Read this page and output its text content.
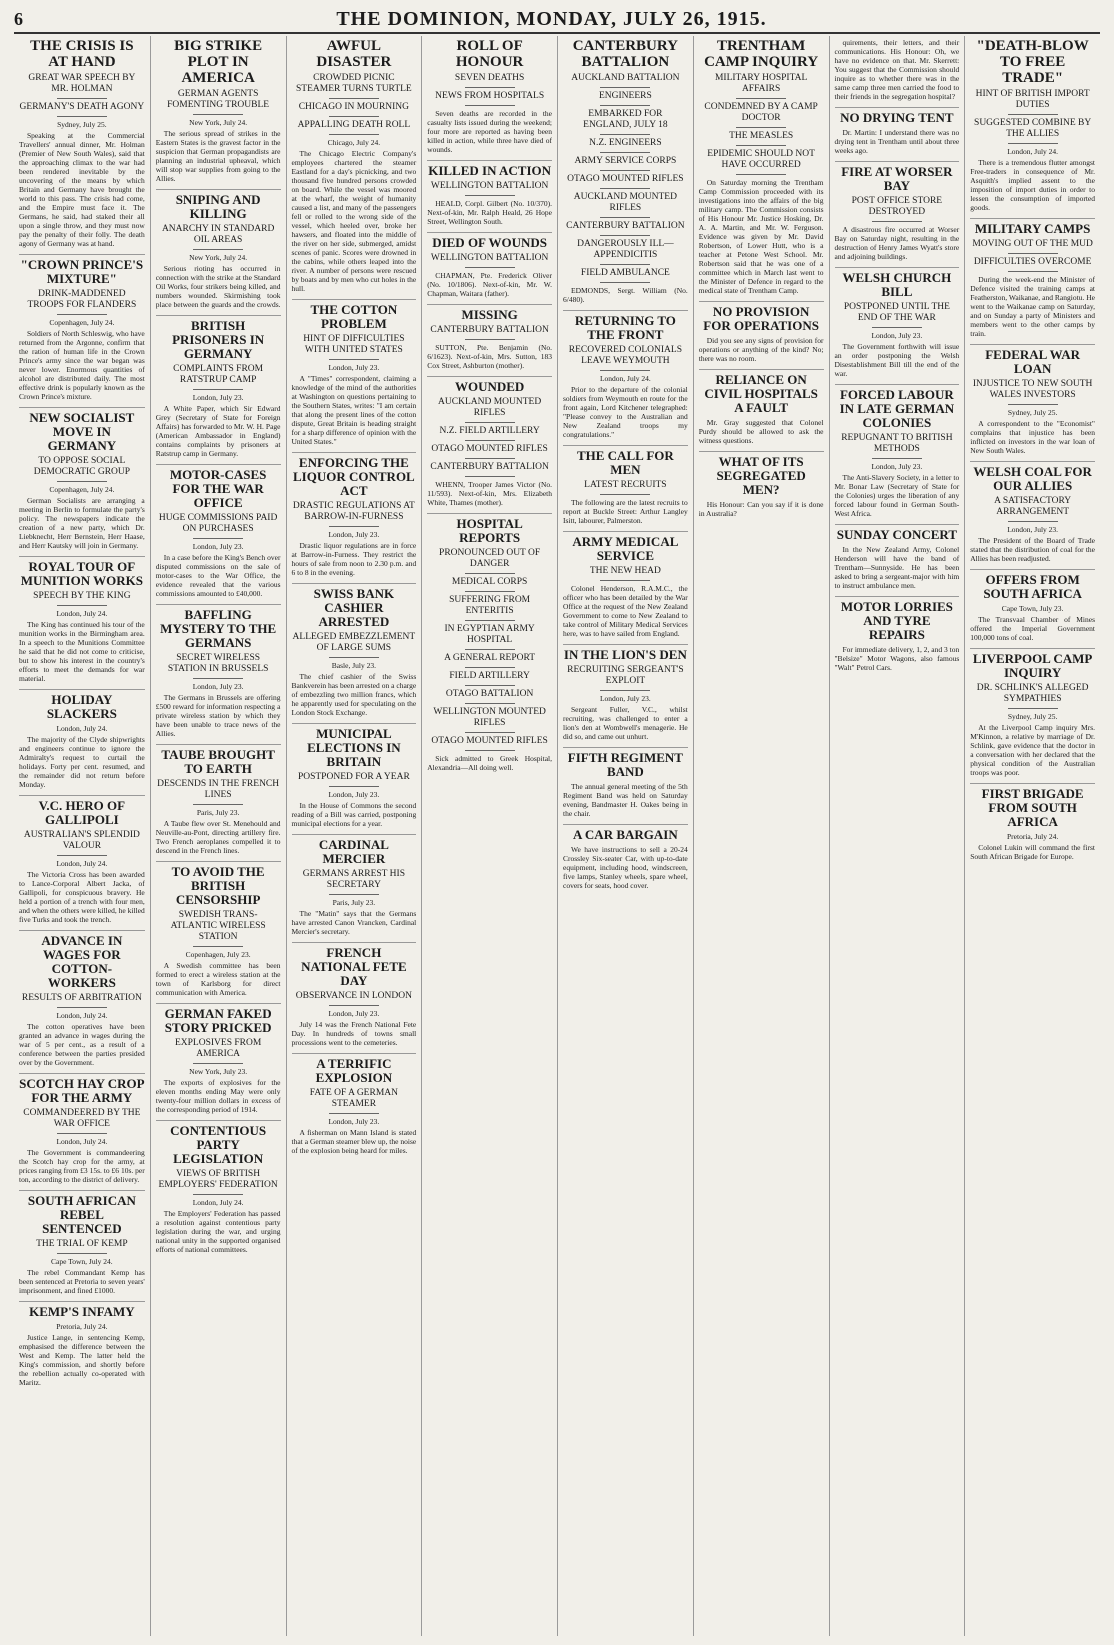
6	THE DOMINION, MONDAY, JULY 26, 1915.
THE CRISIS IS AT HAND
GREAT WAR SPEECH BY MR. HOLMAN
GERMANY'S DEATH AGONY
Sydney, July 25.

Speaking at the Commercial Travellers' annual dinner, Mr. Holman (Premier of New South Wales), said that the approaching climax to the war had been rendered inevitable by the uncovering of the means by which Britain and Germany have brought the world to this pass. The crisis had come, and the Empire must face it. The Germans, he said, had staked their all upon a single throw, and they must now pay the penalty of their folly. The death agony of Germany was at hand.

"CROWN PRINCE'S MIXTURE"
DRINK-MADDENED TROOPS FOR FLANDERS
Copenhagen, July 24.

Soldiers of North Schleswig, who have returned from the Argonne, confirm that the ration of human life in the Crown Prince's army since the war began was never lower. Enormous quantities of alcohol are distributed daily. The most effective drink is popularly known as the Crown Prince's mixture.

NEW SOCIALIST MOVE IN GERMANY
TO OPPOSE SOCIAL DEMOCRATIC GROUP
Copenhagen, July 24.

German Socialists are arranging a meeting in Berlin to formulate the party's policy. The newspapers indicate the creation of a new party, which Dr. Liebknecht, Herr Bernstein, Herr Haase, and Herr Kautsky will join in Germany.

ROYAL TOUR OF MUNITION WORKS
SPEECH BY THE KING
London, July 24.

The King has continued his tour of the munition works in the Birmingham area. In a speech to the Munitions Committee he said that he did not come to criticise, but to show his interest in the country's efforts to meet the demands for war material.

HOLIDAY SLACKERS
London, July 24.

The majority of the Clyde shipwrights and engineers continue to ignore the Admiralty's request to curtail the holidays. Forty per cent. resumed, and the remainder did not return before Monday.

V.C. HERO OF GALLIPOLI
AUSTRALIAN'S SPLENDID VALOUR
London, July 24.

The Victoria Cross has been awarded to Lance-Corporal Albert Jacka, of Gallipoli, for conspicuous bravery. He held a portion of a trench with four men, and when the others were killed, he killed five Turks and took the trench.

ADVANCE IN WAGES FOR COTTON-WORKERS
RESULTS OF ARBITRATION
London, July 24.

The cotton operatives have been granted an advance in wages during the war of 5 per cent., as a result of a conference between the parties presided over by the Government.

SCOTCH HAY CROP FOR THE ARMY
COMMANDEERED BY THE WAR OFFICE
London, July 24.

The Government is commandeering the Scotch hay crop for the army, at prices ranging from £3 15s. to £6 10s. per ton, according to the district of delivery.

SOUTH AFRICAN REBEL SENTENCED
THE TRIAL OF KEMP
Cape Town, July 24.

The rebel Commandant Kemp has been sentenced at Pretoria to seven years' imprisonment, and fined £1000.

KEMP'S INFAMY
Pretoria, July 24.

Justice Lange, in sentencing Kemp, emphasised the difference between the West and Kemp. The latter held the King's commission, and shortly before the rebellion actually co-operated with Maritz.

BIG STRIKE PLOT IN AMERICA
GERMAN AGENTS FOMENTING TROUBLE
New York, July 24.

The serious spread of strikes in the Eastern States is the gravest factor in the suspicion that German propagandists are planning an industrial upheaval, which will stop war supplies from going to the Allies.

SNIPING AND KILLING
ANARCHY IN STANDARD OIL AREAS
New York, July 24.

Serious rioting has occurred in connection with the strike at the Standard Oil Works, four strikers being killed, and numbers wounded. Skirmishing took place between the guards and the crowds.

BRITISH PRISONERS IN GERMANY
COMPLAINTS FROM RATSTRUP CAMP
London, July 23.

A White Paper, which Sir Edward Grey (Secretary of State for Foreign Affairs) has forwarded to Mr. W. H. Page (American Ambassador in England) contains complaints by prisoners at Ratstrup camp in Germany.

MOTOR-CASES FOR THE WAR OFFICE
HUGE COMMISSIONS PAID ON PURCHASES
London, July 23.

In a case before the King's Bench over disputed commissions on the sale of motor-cases to the War Office, the evidence revealed that the various commissions amounted to £40,000.

BAFFLING MYSTERY TO THE GERMANS
SECRET WIRELESS STATION IN BRUSSELS
London, July 23.

The Germans in Brussels are offering £500 reward for information respecting a private wireless station by which they have been unable to trace news of the Allies.

TAUBE BROUGHT TO EARTH
DESCENDS IN THE FRENCH LINES
Paris, July 23.

A Taube flew over St. Menehould and Neuville-au-Pont, directing artillery fire. Two French aeroplanes compelled it to descend in the French lines.

TO AVOID THE BRITISH CENSORSHIP
SWEDISH TRANS-ATLANTIC WIRELESS STATION
Copenhagen, July 23.

A Swedish committee has been formed to erect a wireless station at the town of Karlsborg for direct communication with America.

GERMAN FAKED STORY PRICKED
EXPLOSIVES FROM AMERICA
New York, July 23.

The exports of explosives for the eleven months ending May were only twenty-four million dollars in excess of the corresponding period of 1914.

CONTENTIOUS PARTY LEGISLATION
VIEWS OF BRITISH EMPLOYERS' FEDERATION
London, July 24.

The Employers' Federation has passed a resolution against contentious party legislation during the war, and urging national unity in the supported organised efforts of national committees.

AWFUL DISASTER
CROWDED PICNIC STEAMER TURNS TURTLE
CHICAGO IN MOURNING
APPALLING DEATH ROLL
Chicago, July 24.

The Chicago Electric Company's employees chartered the steamer Eastland for a day's picnicking, and two thousand five hundred persons crowded on board. While the vessel was moored at the wharf, the weight of humanity caused a list, and many of the passengers fell or rolled to the wrong side of the vessel, which heeled over, broke her hawsers, and floated into the middle of the river on her side, submerged, amidst scenes of panic. Scores were drowned in the cabins, while others leaped into the river. A number of persons were rescued by boats and by men who cut holes in the hull.

THE COTTON PROBLEM
HINT OF DIFFICULTIES WITH UNITED STATES
London, July 23.

A "Times" correspondent, claiming a knowledge of the mind of the authorities at Washington on questions pertaining to the Southern States, writes: "I am certain that along the present lines of the cotton dispute, Great Britain is heading straight for a sharp difference of opinion with the United States."

ENFORCING THE LIQUOR CONTROL ACT
DRASTIC REGULATIONS AT BARROW-IN-FURNESS
London, July 23.

Drastic liquor regulations are in force at Barrow-in-Furness. They restrict the hours of sale from noon to 2.30 p.m. and 6 to 8 in the evening.

SWISS BANK CASHIER ARRESTED
ALLEGED EMBEZZLEMENT OF LARGE SUMS
Basle, July 23.

The chief cashier of the Swiss Bankverein has been arrested on a charge of embezzling two million francs, which he apparently used for speculating on the London Stock Exchange.

MUNICIPAL ELECTIONS IN BRITAIN
POSTPONED FOR A YEAR
London, July 23.

In the House of Commons the second reading of a Bill was carried, postponing municipal elections for a year.

CARDINAL MERCIER
GERMANS ARREST HIS SECRETARY
Paris, July 23.

The "Matin" says that the Germans have arrested Canon Vrancken, Cardinal Mercier's secretary.

FRENCH NATIONAL FETE DAY
OBSERVANCE IN LONDON
London, July 23.

July 14 was the French National Fete Day. In hundreds of towns small processions went to the cemeteries.

A TERRIFIC EXPLOSION
FATE OF A GERMAN STEAMER
London, July 23.

A fisherman on Mann Island is stated that a German steamer blew up, the noise of the explosion being heard for miles.

ROLL OF HONOUR
SEVEN DEATHS
NEWS FROM HOSPITALS

Seven deaths are recorded in the casualty lists issued during the weekend; four more are reported as having been killed in action, while three have died of wounds.

KILLED IN ACTION
WELLINGTON BATTALION

HEALD, Corpl. Gilbert (No. 10/370). Next-of-kin, Mr. Ralph Heald, 26 Hope Street, Wellington South.

DIED OF WOUNDS
WELLINGTON BATTALION

CHAPMAN, Pte. Frederick Oliver (No. 10/1806). Next-of-kin, Mr. W. Chapman, Waitara (father).

MISSING
CANTERBURY BATTALION

SUTTON, Pte. Benjamin (No. 6/1623). Next-of-kin, Mrs. Sutton, 183 Cox Street, Ashburton (mother).

WOUNDED
AUCKLAND MOUNTED RIFLES
N.Z. FIELD ARTILLERY
OTAGO MOUNTED RIFLES
CANTERBURY BATTALION

WHENN, Trooper James Victor (No. 11/593). Next-of-kin, Mrs. Elizabeth White, Thames (mother).

HOSPITAL REPORTS
PRONOUNCED OUT OF DANGER
MEDICAL CORPS
SUFFERING FROM ENTERITIS
IN EGYPTIAN ARMY HOSPITAL
A GENERAL REPORT
FIELD ARTILLERY
OTAGO BATTALION
WELLINGTON MOUNTED RIFLES
OTAGO MOUNTED RIFLES

Sick admitted to Greek Hospital, Alexandria—All doing well.

CANTERBURY BATTALION
AUCKLAND BATTALION
ENGINEERS
EMBARKED FOR ENGLAND, JULY 18
N.Z. ENGINEERS
ARMY SERVICE CORPS
OTAGO MOUNTED RIFLES
AUCKLAND MOUNTED RIFLES
CANTERBURY BATTALION
DANGEROUSLY ILL—APPENDICITIS
FIELD AMBULANCE

EDMONDS, Sergt. William (No. 6/480).

RETURNING TO THE FRONT
RECOVERED COLONIALS LEAVE WEYMOUTH
London, July 24.

Prior to the departure of the colonial soldiers from Weymouth en route for the front again, Lord Kitchener telegraphed: "Please convey to the Australian and New Zealand troops my congratulations."

THE CALL FOR MEN
LATEST RECRUITS

The following are the latest recruits to report at Buckle Street: Arthur Langley Isitt, labourer, Palmerston.

ARMY MEDICAL SERVICE
THE NEW HEAD

Colonel Henderson, R.A.M.C., the officer who has been detailed by the War Office at the request of the New Zealand Government to come to New Zealand to take control of Military Medical Services here, was to have sailed from England.

IN THE LION'S DEN
RECRUITING SERGEANT'S EXPLOIT
London, July 23.

Sergeant Fuller, V.C., whilst recruiting, was challenged to enter a lion's den at Wombwell's menagerie. He did so, and came out unhurt.

FIFTH REGIMENT BAND

The annual general meeting of the 5th Regiment Band was held on Saturday evening, Bandmaster H. Oakes being in the chair.

A CAR BARGAIN

We have instructions to sell a 20-24 Crossley Six-seater Car, with up-to-date equipment, including hood, windscreen, five lamps, Stanley wheels, spare wheel, covers for seats, hood cover.

TRENTHAM CAMP INQUIRY
MILITARY HOSPITAL AFFAIRS
CONDEMNED BY A CAMP DOCTOR
THE MEASLES
EPIDEMIC SHOULD NOT HAVE OCCURRED

On Saturday morning the Trentham Camp Commission proceeded with its investigations into the affairs of the big military camp. The Commission consists of His Honour Mr. Justice Hosking, Dr. A. A. Martin, and Mr. W. Ferguson. Evidence was given by Mr. David Robertson, of Lower Hutt, who is a teacher at Petone West School. Mr. Robertson said that he was one of a committee which in March last went to the Minister of Defence in regard to the medical state of Trentham Camp.

NO PROVISION FOR OPERATIONS

Did you see any signs of provision for operations or anything of the kind? No; there was no room.

RELIANCE ON CIVIL HOSPITALS A FAULT

Mr. Gray suggested that Colonel Purdy should be allowed to ask the witness questions.

WHAT OF ITS SEGREGATED MEN?

His Honour: Can you say if it is done in Australia?

quirements, their letters, and their communications. His Honour: Oh, we have no evidence on that. Mr. Skerrett: You suggest that the Commission should inquire as to whether there was in the same camp three men carried the food to their friends in the segregation hospital?

NO DRYING TENT

Dr. Martin: I understand there was no drying tent in Trentham until about three weeks ago.

FIRE AT WORSER BAY
POST OFFICE STORE DESTROYED

A disastrous fire occurred at Worser Bay on Saturday night, resulting in the destruction of Henry James Wyatt's store and adjoining buildings.

WELSH CHURCH BILL
POSTPONED UNTIL THE END OF THE WAR
London, July 23.

The Government forthwith will issue an order postponing the Welsh Disestablishment Bill till the end of the war.

FORCED LABOUR IN LATE GERMAN COLONIES
REPUGNANT TO BRITISH METHODS
London, July 23.

The Anti-Slavery Society, in a letter to Mr. Bonar Law (Secretary of State for the Colonies) urges the liberation of any forced labour found in German South-West Africa.

SUNDAY CONCERT

In the New Zealand Army, Colonel Henderson will have the band of Trentham—Sunnyside. He has been asked to bring a sergeant-major with him to instruct ambulance men.

MOTOR LORRIES AND TYRE REPAIRS

For immediate delivery, 1, 2, and 3 ton "Belsize" Motor Wagons, also famous "Walt" Petrol Cars.

"DEATH-BLOW TO FREE TRADE"
HINT OF BRITISH IMPORT DUTIES
SUGGESTED COMBINE BY THE ALLIES
London, July 24.

There is a tremendous flutter amongst Free-traders in consequence of Mr. Asquith's implied assent to the imposition of import duties in order to lessen the consumption of imported goods.

MILITARY CAMPS
MOVING OUT OF THE MUD
DIFFICULTIES OVERCOME

During the week-end the Minister of Defence visited the training camps at Featherston, Waikanae, and Rangiotu. He went to the Waikanae camp on Saturday, and on Sunday a party of Ministers and members went to the other camps by train.

FEDERAL WAR LOAN
INJUSTICE TO NEW SOUTH WALES INVESTORS
Sydney, July 25.

A correspondent to the "Economist" complains that injustice has been inflicted on investors in the war loan of New South Wales.

WELSH COAL FOR OUR ALLIES
A SATISFACTORY ARRANGEMENT
London, July 23.

The President of the Board of Trade stated that the distribution of coal for the Allies has been readjusted.

OFFERS FROM SOUTH AFRICA
Cape Town, July 23.

The Transvaal Chamber of Mines offered the Imperial Government 100,000 tons of coal.

LIVERPOOL CAMP INQUIRY
DR. SCHLINK'S ALLEGED SYMPATHIES
Sydney, July 25.

At the Liverpool Camp inquiry Mrs. M'Kinnon, a relative by marriage of Dr. Schlink, gave evidence that the doctor in a conversation with her declared that the physical condition of the Australian troops was poor.

FIRST BRIGADE FROM SOUTH AFRICA
Pretoria, July 24.

Colonel Lukin will command the first South African Brigade for Europe.
